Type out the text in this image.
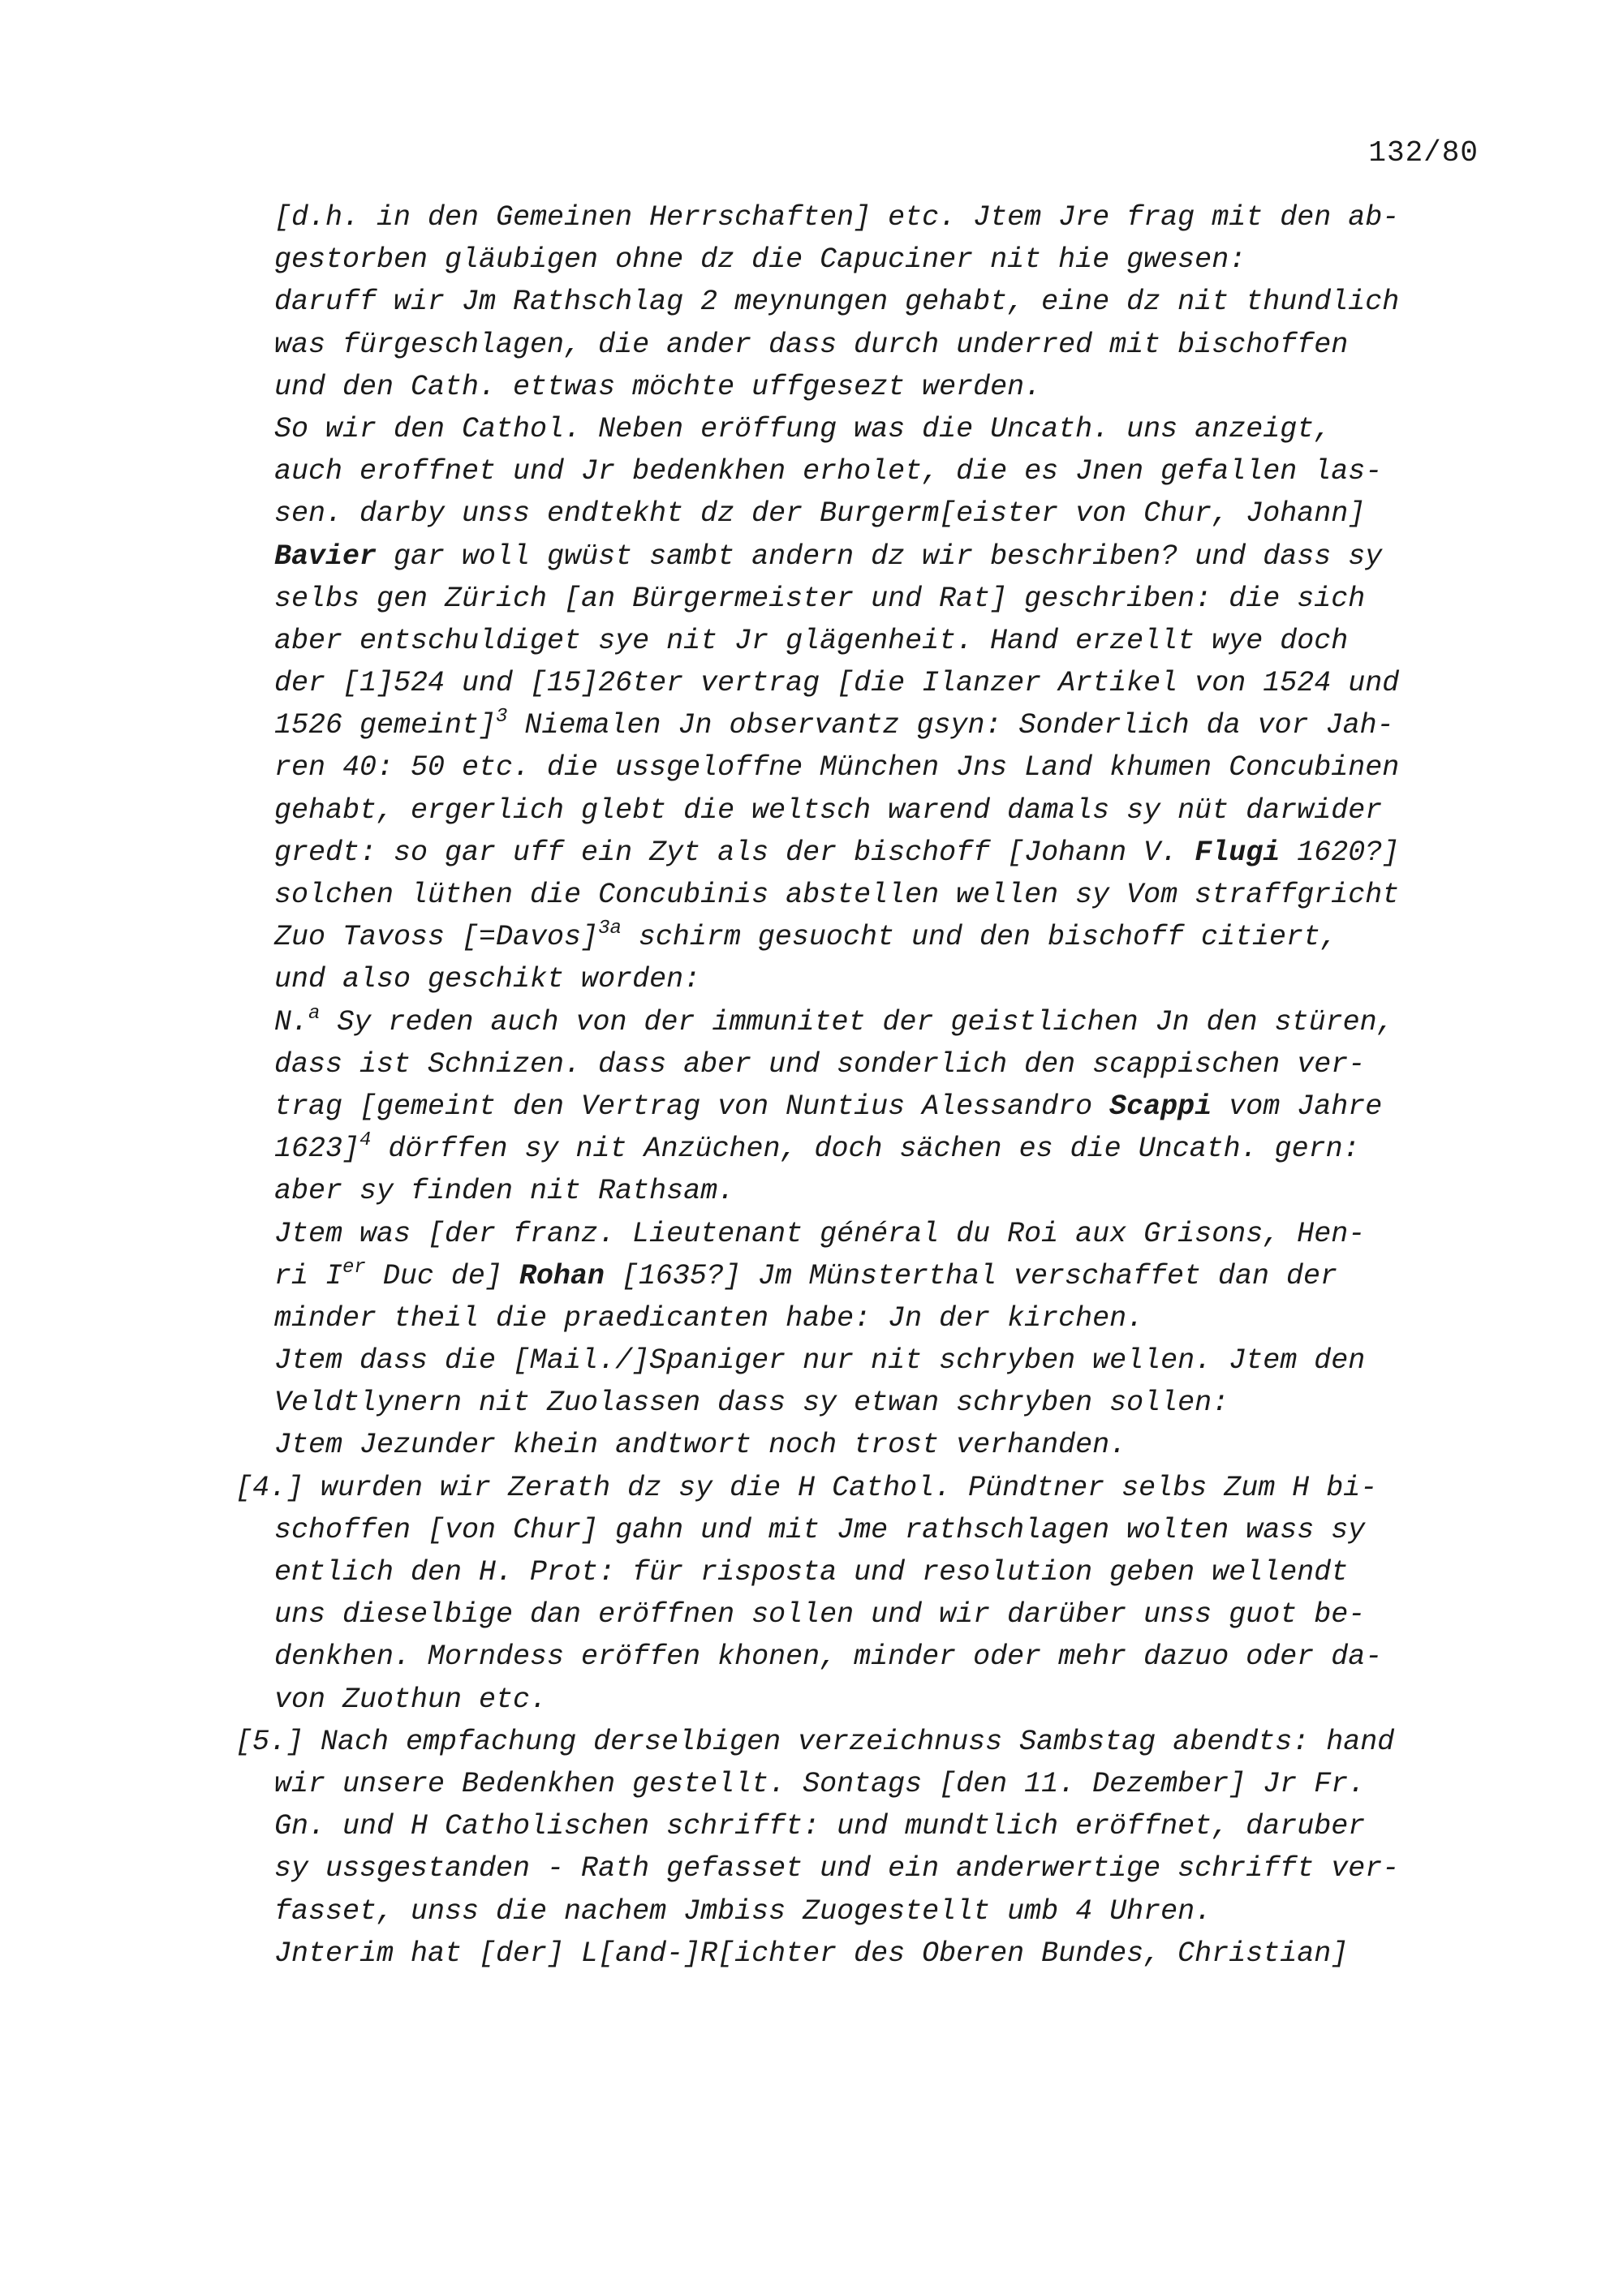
132/80
[d.h. in den Gemeinen Herrschaften] etc. Jtem Jre frag mit den ab-
gestorben gläubigen ohne dz die Capuciner nit hie gwesen:
daruff wir Jm Rathschlag 2 meynungen gehabt, eine dz nit thundlich
was fürgeschlagen, die ander dass durch underred mit bischoffen
und den Cath. ettwas möchte uffgesezt werden.
So wir den Cathol. Neben eröffung was die Uncath. uns anzeigt,
auch eroffnet und Jr bedenkhen erholet, die es Jnen gefallen las-
sen. darby unss endtekht dz der Burgerm[eister von Chur, Johann]
Bavier gar woll gwüst sambt andern dz wir beschriben? und dass sy
selbs gen Zürich [an Bürgermeister und Rat] geschriben: die sich
aber entschuldiget sye nit Jr glägenheit. Hand erzellt wye doch
der [1]524 und [15]26ter vertrag [die Ilanzer Artikel von 1524 und
1526 gemeint]$^3$ Niemalen Jn observantz gsyn: Sonderlich da vor Jah-
ren 40: 50 etc. die ussgeloffne München Jns Land khumen Concubinen
gehabt, ergerlich glebt die weltsch warend damals sy nüt darwider
gredt: so gar uff ein Zyt als der bischoff [Johann V. Flugi 1620?]
solchen lüthen die Concubinis abstellen wellen sy Vom straffgricht
Zuo Tavoss [=Davos]$^{3a}$ schirm gesuocht und den bischoff citiert,
und also geschikt worden:
N.$^a$ Sy reden auch von der immunitet der geistlichen Jn den stüren,
dass ist Schnizen. dass aber und sonderlich den scappischen ver-
trag [gemeint den Vertrag von Nuntius Alessandro Scappi vom Jahre
1623]$^4$ dörffen sy nit Anzüchen, doch sächen es die Uncath. gern:
aber sy finden nit Rathsam.
Jtem was [der franz. Lieutenant général du Roi aux Grisons, Hen-
ri Ier Duc de] Rohan [1635?] Jm Münsterthal verschaffet dan der
minder theil die praedicanten habe: Jn der kirchen.
Jtem dass die [Mail./]Spaniger nur nit schryben wellen. Jtem den
Veldtlynern nit Zuolassen dass sy etwan schryben sollen:
Jtem Jezunder khein andtwort noch trost verhanden.
[4.] wurden wir Zerath dz sy die H Cathol. Pündtner selbs Zum H bi-
schoffen [von Chur] gahn und mit Jme rathschlagen wolten wass sy
entlich den H. Prot: für risposta und resolution geben wellendt
uns dieselbige dan eröffnen sollen und wir darüber unss guot be-
denkhen. Morndess eröffen khonen, minder oder mehr dazuo oder da-
von Zuothun etc.
[5.] Nach empfachung derselbigen verzeichnuss Sambstag abendts: hand
wir unsere Bedenkhen gestellt. Sontags [den 11. Dezember] Jr Fr.
Gn. und H Catholischen schrifft: und mundtlich eröffnet, daruber
sy ussgestanden - Rath gefasset und ein anderwertige schrifft ver-
fasset, unss die nachem Jmbiss Zuogestellt umb 4 Uhren.
Jnterim hat [der] L[and-]R[ichter des Oberen Bundes, Christian]
